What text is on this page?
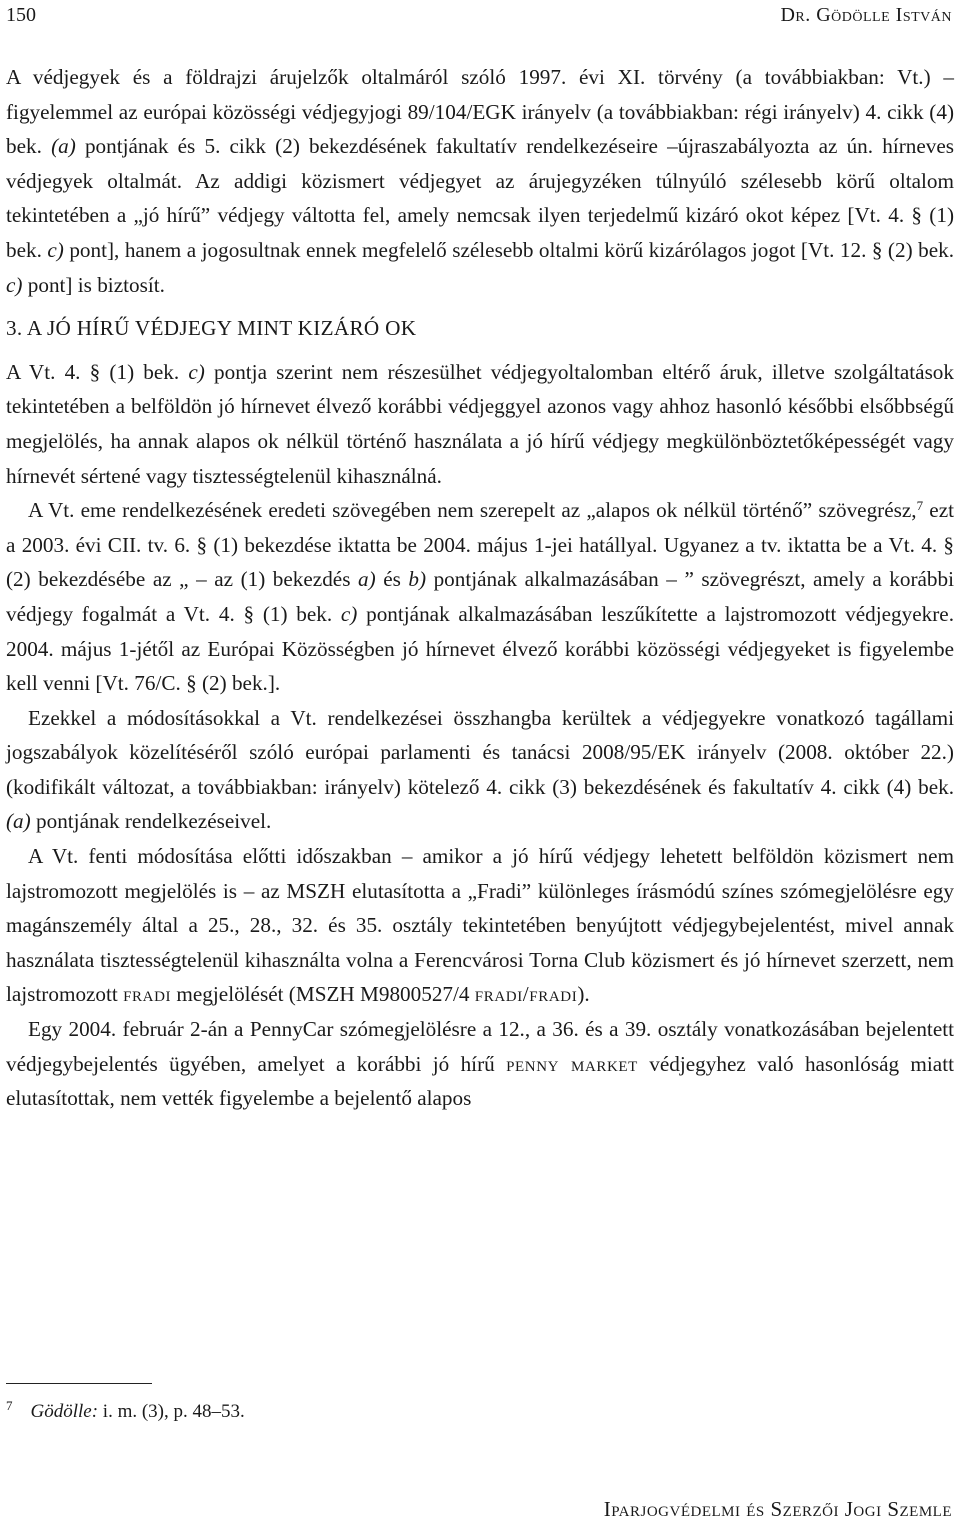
150	Dr. Gödölle István

A védjegyek és a földrajzi árujelzők oltalmáról szóló 1997. évi XI. törvény (a továbbiakban: Vt.) – figyelemmel az európai közösségi védjegyjogi 89/104/EGK irányelv (a továbbiakban: régi irányelv) 4. cikk (4) bek. (a) pontjának és 5. cikk (2) bekezdésének fakultatív rendelkezéseire –újraszabályozta az ún. hírneves védjegyek oltalmát. Az addigi közismert védjegyet az árujegyzéken túlnyúló szélesebb körű oltalom tekintetében a „jó hírű” védjegy váltotta fel, amely nemcsak ilyen terjedelmű kizáró okot képez [Vt. 4. § (1) bek. c) pont], hanem a jogosultnak ennek megfelelő szélesebb oltalmi körű kizárólagos jogot [Vt. 12. § (2) bek. c) pont] is biztosít.

3. A JÓ HÍRŰ VÉDJEGY MINT KIZÁRÓ OK

A Vt. 4. § (1) bek. c) pontja szerint nem részesülhet védjegyoltalomban eltérő áruk, illetve szolgáltatások tekintetében a belföldön jó hírnevet élvező korábbi védjeggyel azonos vagy ahhoz hasonló későbbi elsőbbségű megjelölés, ha annak alapos ok nélkül történő használata a jó hírű védjegy megkülönböztetőképességét vagy hírnevét sértené vagy tisztességtelenül kihasználná.

A Vt. eme rendelkezésének eredeti szövegében nem szerepelt az „alapos ok nélkül történő” szövegrész,$^7$ ezt a 2003. évi CII. tv. 6. § (1) bekezdése iktatta be 2004. május 1-jei hatállyal. Ugyanez a tv. iktatta be a Vt. 4. § (2) bekezdésébe az „ – az (1) bekezdés a) és b) pontjának alkalmazásában – ” szövegrészt, amely a korábbi védjegy fogalmát a Vt. 4. § (1) bek. c) pontjának alkalmazásában leszűkítette a lajstromozott védjegyekre. 2004. május 1-jétől az Európai Közösségben jó hírnevet élvező korábbi közösségi védjegyeket is figyelembe kell venni [Vt. 76/C. § (2) bek.].

Ezekkel a módosításokkal a Vt. rendelkezései összhangba kerültek a védjegyekre vonatkozó tagállami jogszabályok közelítéséről szóló európai parlamenti és tanácsi 2008/95/EK irányelv (2008. október 22.) (kodifikált változat, a továbbiakban: irányelv) kötelező 4. cikk (3) bekezdésének és fakultatív 4. cikk (4) bek. (a) pontjának rendelkezéseivel.

A Vt. fenti módosítása előtti időszakban – amikor a jó hírű védjegy lehetett belföldön közismert nem lajstromozott megjelölés is – az MSZH elutasította a „Fradi” különleges írásmódú színes szómegjelölésre egy magánszemély által a 25., 28., 32. és 35. osztály tekintetében benyújtott védjegybejelentést, mivel annak használata tisztességtelenül kihasználta volna a Ferencvárosi Torna Club közismert és jó hírnevet szerzett, nem lajstromozott fradi megjelölését (MSZH M9800527/4 fradi/fradi).

Egy 2004. február 2-án a PennyCar szómegjelölésre a 12., a 36. és a 39. osztály vonatkozásában bejelentett védjegybejelentés ügyében, amelyet a korábbi jó hírű penny market védjegyhez való hasonlóság miatt elutasítottak, nem vették figyelembe a bejelentő alapos

$^7$ Gödölle: i. m. (3), p. 48–53.
Iparjogvédelmi és Szerzői Jogi Szemle
